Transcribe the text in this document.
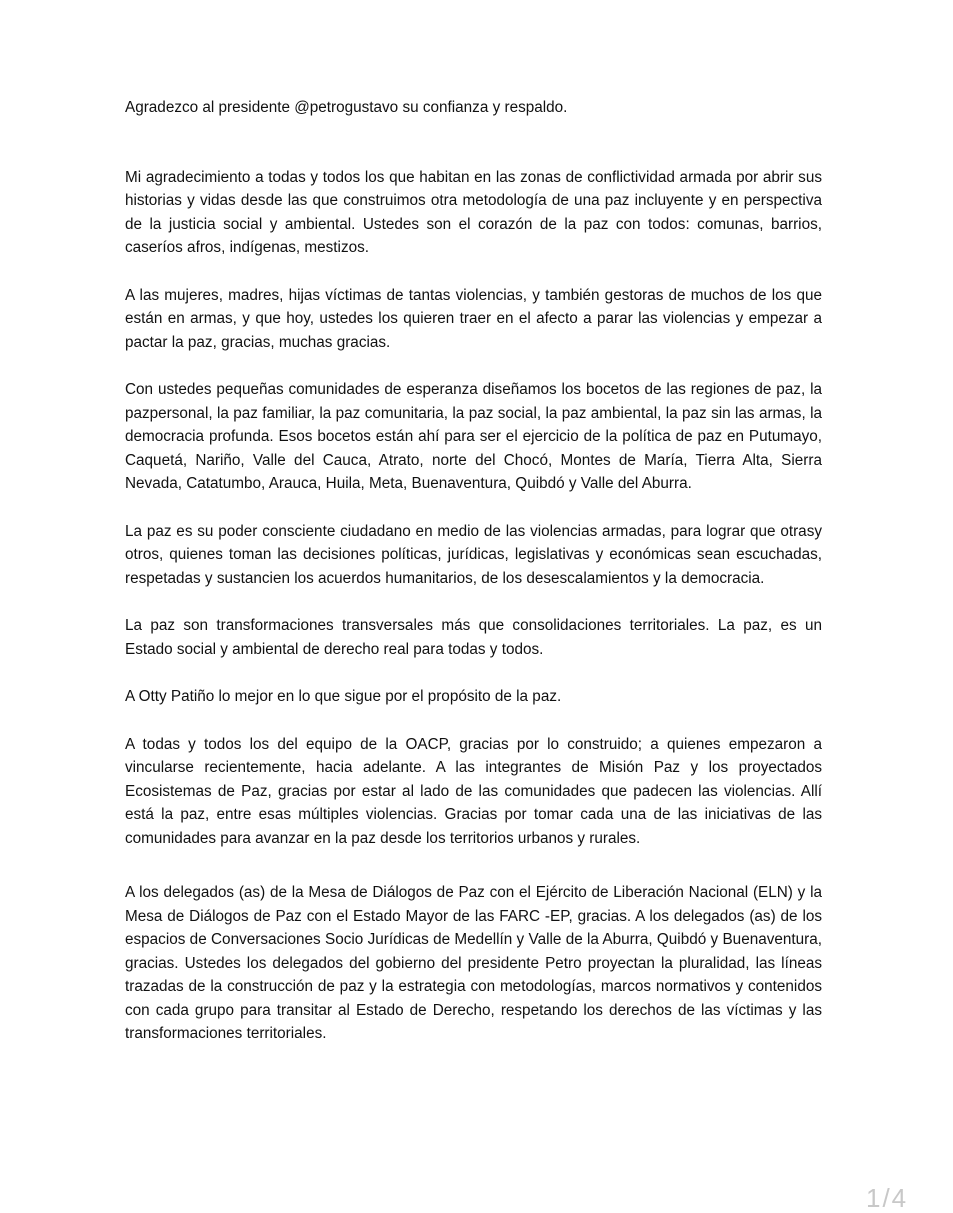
Agradezco al presidente @petrogustavo su confianza y respaldo.

Mi agradecimiento a todas y todos los que habitan en las zonas de conflictividad armada por abrir sus historias y vidas desde las que construimos otra metodología de una paz incluyente y en perspectiva de la justicia social y ambiental. Ustedes son el corazón de la paz con todos: comunas, barrios, caseríos afros, indígenas, mestizos.

A las mujeres, madres, hijas víctimas de tantas violencias, y también gestoras de muchos de los que están en armas, y que hoy, ustedes los quieren traer en el afecto a parar las violencias y empezar a pactar la paz, gracias, muchas gracias.

Con ustedes pequeñas comunidades de esperanza diseñamos los bocetos de las regiones de paz, la pazpersonal, la paz familiar, la paz comunitaria, la paz social, la paz ambiental, la paz sin las armas, la democracia profunda. Esos bocetos están ahí para ser el ejercicio de la política de paz en Putumayo, Caquetá, Nariño, Valle del Cauca, Atrato, norte del Chocó, Montes de María, Tierra Alta, Sierra Nevada, Catatumbo, Arauca, Huila, Meta, Buenaventura, Quibdó y Valle del Aburra.

La paz es su poder consciente ciudadano en medio de las violencias armadas, para lograr que otrasy otros, quienes toman las decisiones políticas, jurídicas, legislativas y económicas sean escuchadas, respetadas y sustancien los acuerdos humanitarios, de los desescalamientos y la democracia.

La paz son transformaciones transversales más que consolidaciones territoriales. La paz, es un Estado social y ambiental de derecho real para todas y todos.

A Otty Patiño lo mejor en lo que sigue por el propósito de la paz.

A todas y todos los del equipo de la OACP, gracias por lo construido; a quienes empezaron a vincularse recientemente, hacia adelante. A las integrantes de Misión Paz y los proyectados Ecosistemas de Paz, gracias por estar al lado de las comunidades que padecen las violencias. Allí está la paz, entre esas múltiples violencias. Gracias por tomar cada una de las iniciativas de las comunidades para avanzar en la paz desde los territorios urbanos y rurales.

A los delegados (as) de la Mesa de Diálogos de Paz con el Ejército de Liberación Nacional (ELN) y la Mesa de Diálogos de Paz con el Estado Mayor de las FARC -EP, gracias. A los delegados (as) de los espacios de Conversaciones Socio Jurídicas de Medellín y Valle de la Aburra, Quibdó y Buenaventura, gracias. Ustedes los delegados del gobierno del presidente Petro proyectan la pluralidad, las líneas trazadas de la construcción de paz y la estrategia con metodologías, marcos normativos y contenidos con cada grupo para transitar al Estado de Derecho, respetando los derechos de las víctimas y las transformaciones territoriales.

1/4
